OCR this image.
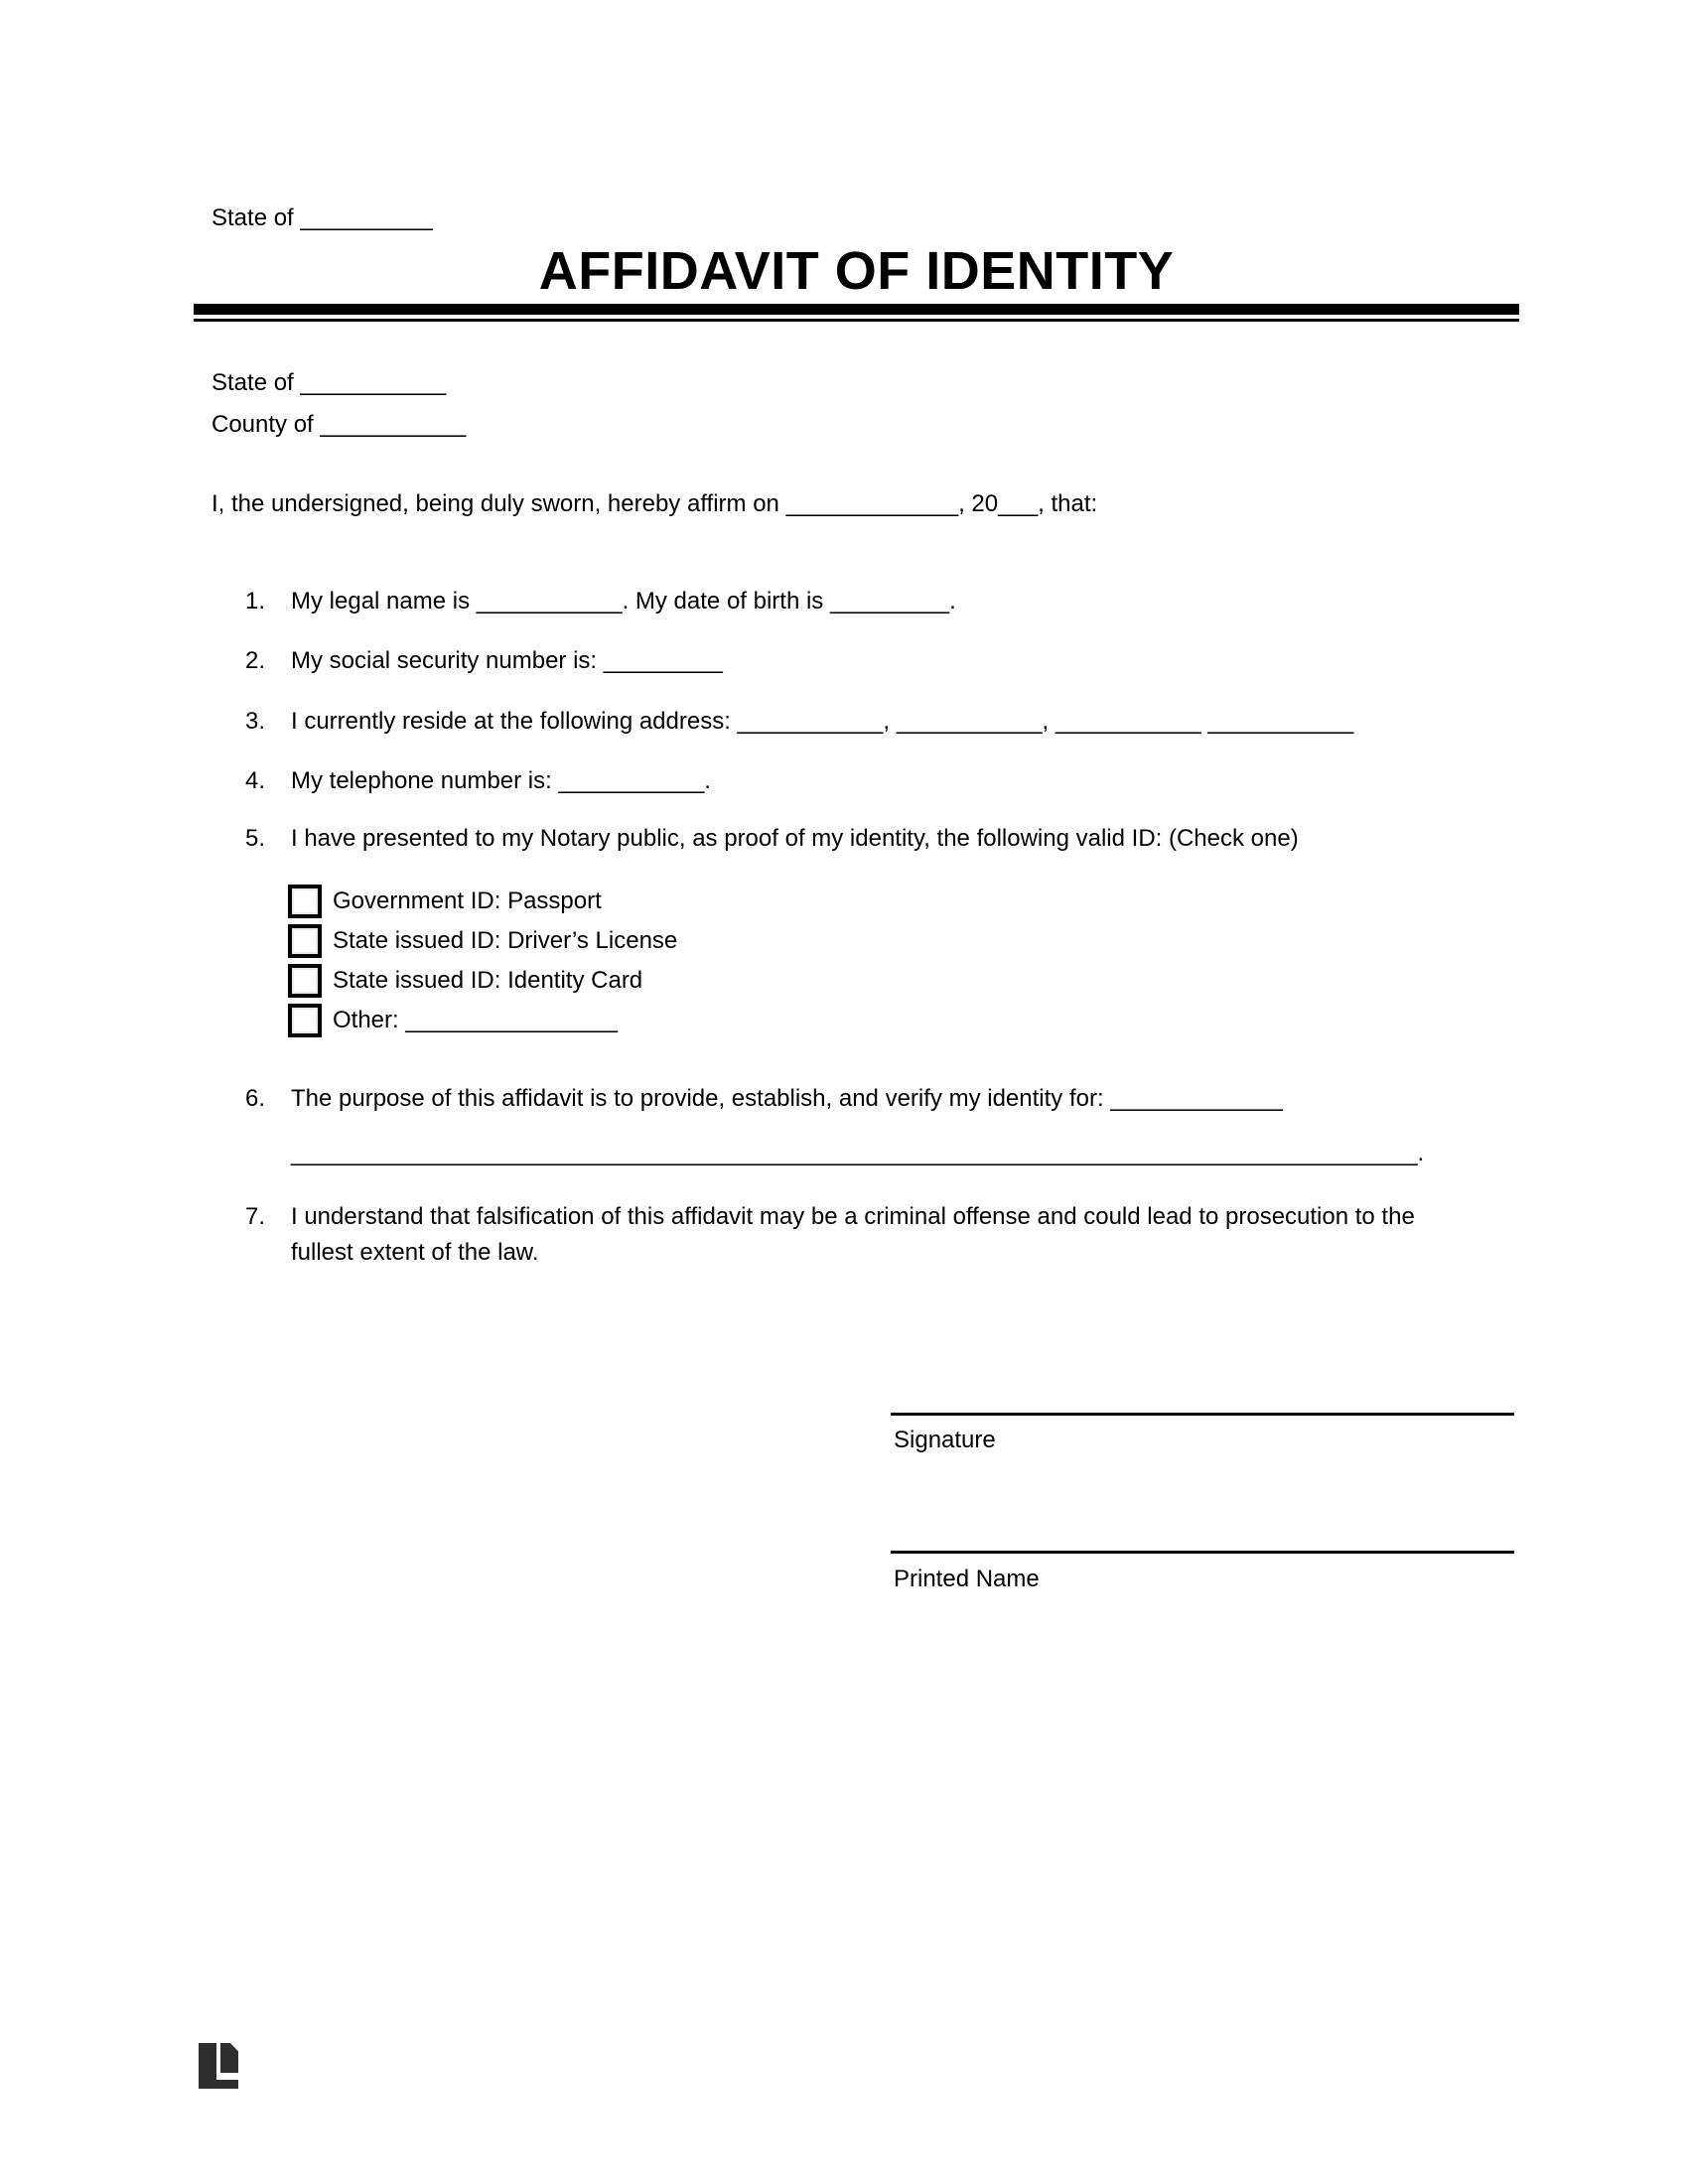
State of __________
AFFIDAVIT OF IDENTITY
State of ___________
County of ___________
I, the undersigned, being duly sworn, hereby affirm on _____________, 20___, that:
1.	My legal name is ___________. My date of birth is _________.
2.	My social security number is: _________
3.	I currently reside at the following address: ___________, ___________, ___________ ___________
4.	My telephone number is: ___________.
5.	I have presented to my Notary public, as proof of my identity, the following valid ID: (Check one)
Government ID: Passport
State issued ID: Driver’s License
State issued ID: Identity Card
Other: ________________
6.	The purpose of this affidavit is to provide, establish, and verify my identity for: _____________
_____________________________________________________________________________________.
7.	I understand that falsification of this affidavit may be a criminal offense and could lead to prosecution to the fullest extent of the law.
Signature
Printed Name
